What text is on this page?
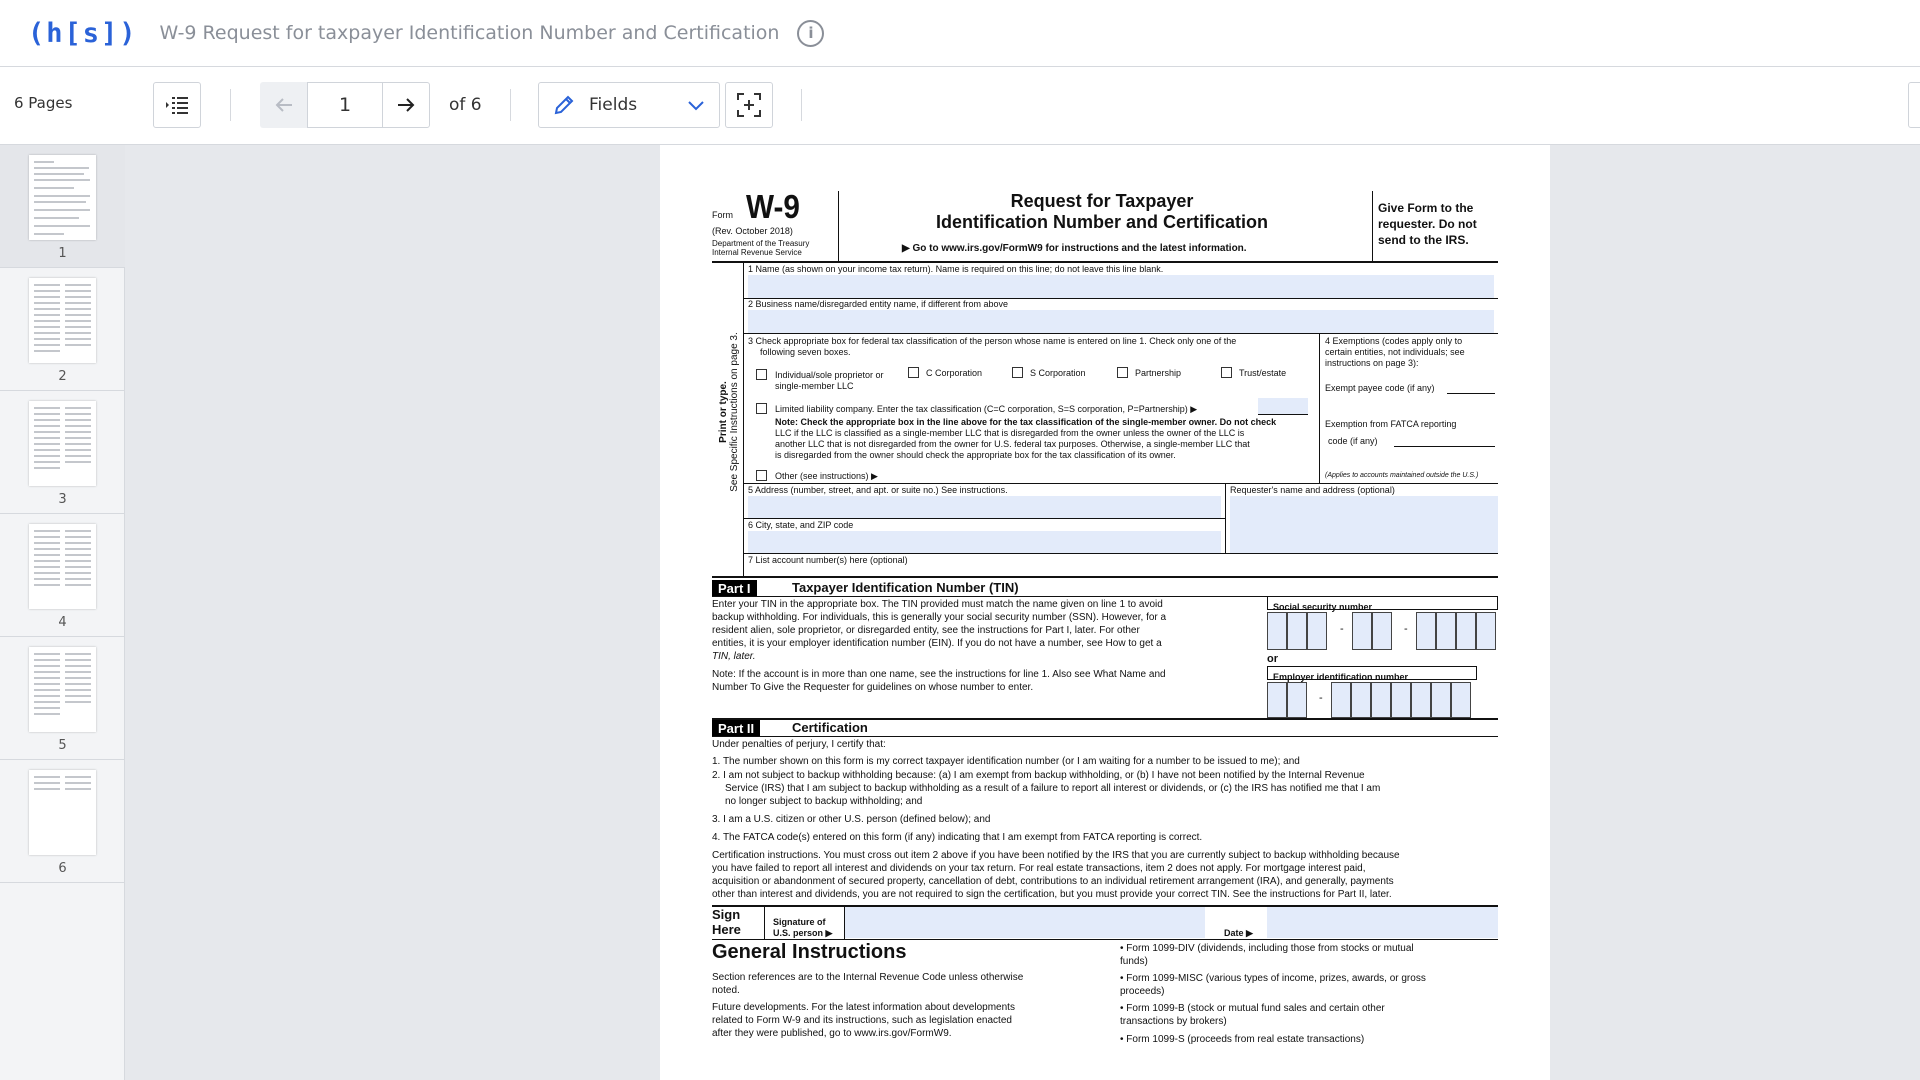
(h[s]) W-9 Request for taxpayer Identification Number and Certification	i
6 Pages	1	of 6	Fields
1
2
3
4
5
6
Form W-9
(Rev. October 2018)
Department of the Treasury
Internal Revenue Service
Request for Taxpayer
Identification Number and Certification
▶ Go to www.irs.gov/FormW9 for instructions and the latest information.
Give Form to the
requester. Do not
send to the IRS.
Print or type. See Specific Instructions on page 3.
1 Name (as shown on your income tax return). Name is required on this line; do not leave this line blank.
2 Business name/disregarded entity name, if different from above
3 Check appropriate box for federal tax classification of the person whose name is entered on line 1. Check only one of the
following seven boxes.
Individual/sole proprietor or
single-member LLC
C Corporation	S Corporation	Partnership	Trust/estate
Limited liability company. Enter the tax classification (C=C corporation, S=S corporation, P=Partnership) ▶
Note: Check the appropriate box in the line above for the tax classification of the single-member owner. Do not check
LLC if the LLC is classified as a single-member LLC that is disregarded from the owner unless the owner of the LLC is
another LLC that is not disregarded from the owner for U.S. federal tax purposes. Otherwise, a single-member LLC that
is disregarded from the owner should check the appropriate box for the tax classification of its owner.
Other (see instructions) ▶
4 Exemptions (codes apply only to
certain entities, not individuals; see
instructions on page 3):
Exempt payee code (if any)
Exemption from FATCA reporting
code (if any)
(Applies to accounts maintained outside the U.S.)
5 Address (number, street, and apt. or suite no.) See instructions.	Requester's name and address (optional)
6 City, state, and ZIP code
7 List account number(s) here (optional)
Part I	Taxpayer Identification Number (TIN)
Enter your TIN in the appropriate box. The TIN provided must match the name given on line 1 to avoid
backup withholding. For individuals, this is generally your social security number (SSN). However, for a
resident alien, sole proprietor, or disregarded entity, see the instructions for Part I, later. For other
entities, it is your employer identification number (EIN). If you do not have a number, see How to get a
TIN, later.
Note: If the account is in more than one name, see the instructions for line 1. Also see What Name and
Number To Give the Requester for guidelines on whose number to enter.
Social security number
-	-
or
Employer identification number
-
Part II	Certification
Under penalties of perjury, I certify that:
1. The number shown on this form is my correct taxpayer identification number (or I am waiting for a number to be issued to me); and
2. I am not subject to backup withholding because: (a) I am exempt from backup withholding, or (b) I have not been notified by the Internal Revenue
Service (IRS) that I am subject to backup withholding as a result of a failure to report all interest or dividends, or (c) the IRS has notified me that I am
no longer subject to backup withholding; and
3. I am a U.S. citizen or other U.S. person (defined below); and
4. The FATCA code(s) entered on this form (if any) indicating that I am exempt from FATCA reporting is correct.
Certification instructions. You must cross out item 2 above if you have been notified by the IRS that you are currently subject to backup withholding because
you have failed to report all interest and dividends on your tax return. For real estate transactions, item 2 does not apply. For mortgage interest paid,
acquisition or abandonment of secured property, cancellation of debt, contributions to an individual retirement arrangement (IRA), and generally, payments
other than interest and dividends, you are not required to sign the certification, but you must provide your correct TIN. See the instructions for Part II, later.
Sign
Here	Signature of
U.S. person ▶	Date ▶
General Instructions
Section references are to the Internal Revenue Code unless otherwise
noted.
Future developments. For the latest information about developments
related to Form W-9 and its instructions, such as legislation enacted
after they were published, go to www.irs.gov/FormW9.
• Form 1099-DIV (dividends, including those from stocks or mutual
funds)
• Form 1099-MISC (various types of income, prizes, awards, or gross
proceeds)
• Form 1099-B (stock or mutual fund sales and certain other
transactions by brokers)
• Form 1099-S (proceeds from real estate transactions)
